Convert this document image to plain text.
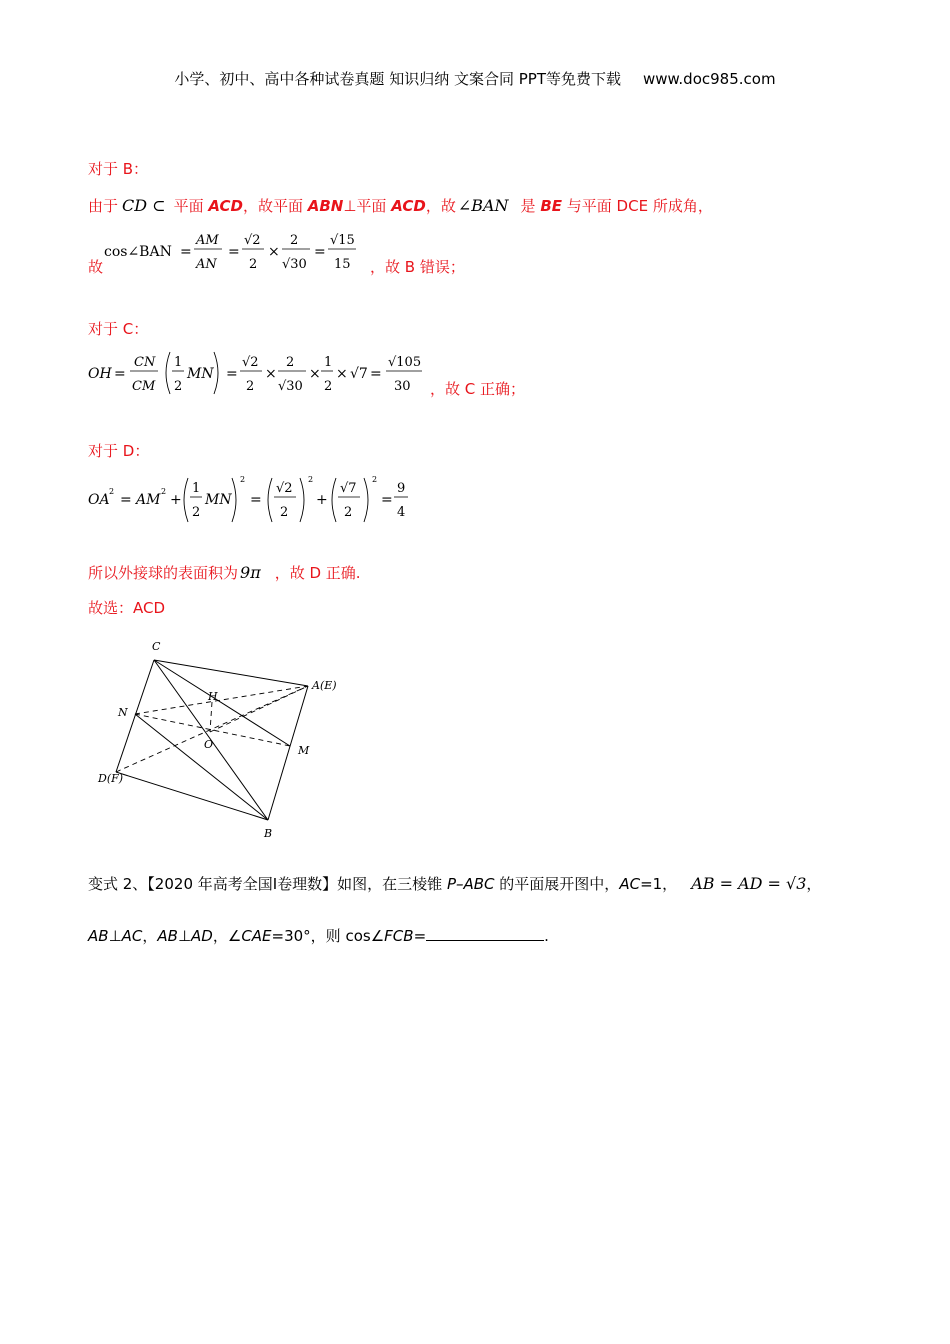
小学、初中、高中各种试卷真题 知识归纳 文案合同 PPT等免费下载 www.doc985.com
对于 B：
由于 CD ⊂ 平面 ACD，故平面 ABN⊥平面 ACD，故 ∠BAN 是 BE 与平面 DCE 所成角，
故
cos∠BAN =
AM
AN
=
√2
2
×
2
√30
=
√15
15 ，故 B 错误；
对于 C：
OH =
CN
CM
1
2
MN =
√2
2
×
2
√30
×
1
2
× √7 =
√105
30 ，故 C 正确；
对于 D：
OA
2
= AM
2
+
1
2
MN
2
=
√2
2
2
+
√7
2
2
=
9
4
所以外接球的表面积为 9π ，故 D 正确.
故选：ACD
C
A(E)
H
N
O	M
D(F)
B
变式 2、【2020 年高考全国Ⅰ卷理数】如图，在三棱锥 P–ABC 的平面展开图中，AC=1， AB = AD = √3，
AB⊥AC，AB⊥AD，∠CAE=30°，则 cos∠FCB=	.
